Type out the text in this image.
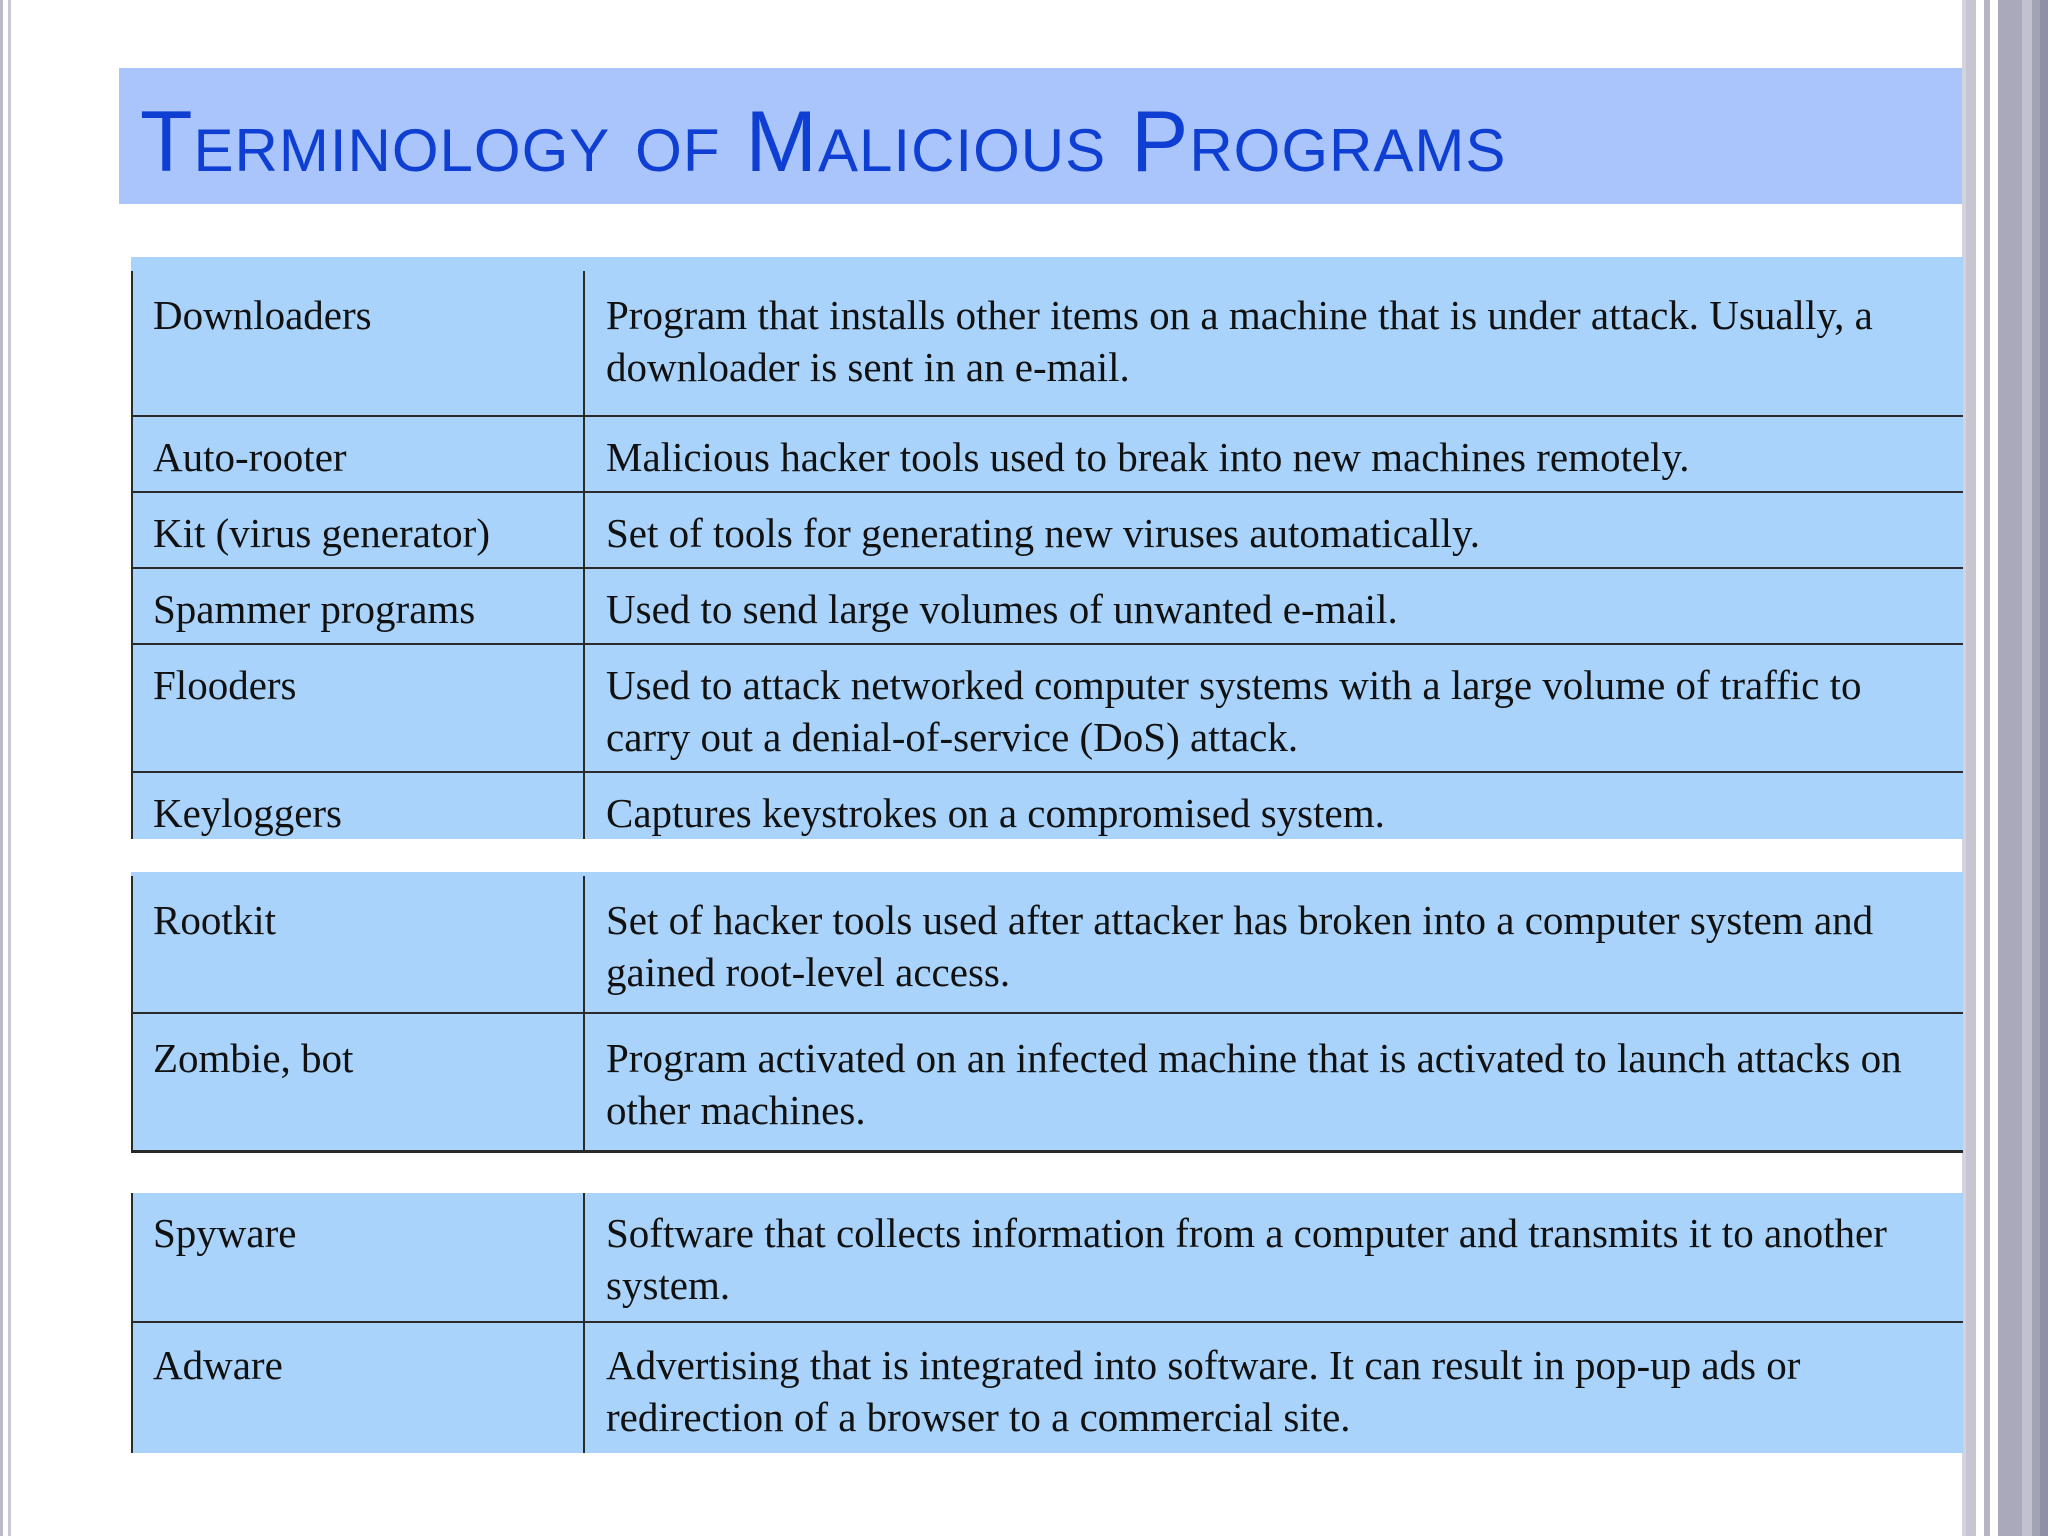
Terminology of Malicious Programs
Downloaders	Program that installs other items on a machine that is under attack. Usually, a downloader is sent in an e-mail.
Auto-rooter	Malicious hacker tools used to break into new machines remotely.
Kit (virus generator)	Set of tools for generating new viruses automatically.
Spammer programs	Used to send large volumes of unwanted e-mail.
Flooders	Used to attack networked computer systems with a large volume of traffic to carry out a denial-of-service (DoS) attack.
Keyloggers	Captures keystrokes on a compromised system.
Rootkit	Set of hacker tools used after attacker has broken into a computer system and gained root-level access.
Zombie, bot	Program activated on an infected machine that is activated to launch attacks on other machines.
Spyware	Software that collects information from a computer and transmits it to another system.
Adware	Advertising that is integrated into software. It can result in pop-up ads or redirection of a browser to a commercial site.
